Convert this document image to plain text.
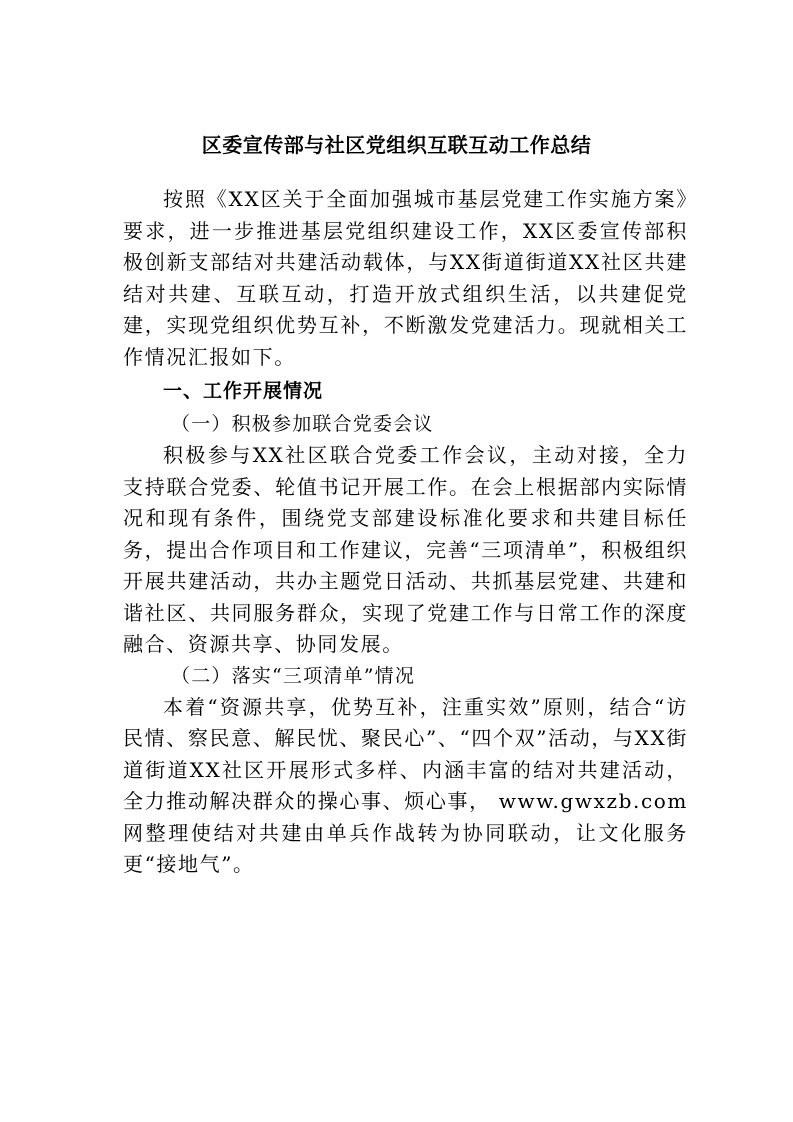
区委宣传部与社区党组织互联互动工作总结

按照《XX区关于全面加强城市基层党建工作实施方案》要求，进一步推进基层党组织建设工作，XX区委宣传部积极创新支部结对共建活动载体，与XX街道街道XX社区共建结对共建、互联互动，打造开放式组织生活，以共建促党建，实现党组织优势互补，不断激发党建活力。现就相关工作情况汇报如下。

一、工作开展情况

（一）积极参加联合党委会议

积极参与XX社区联合党委工作会议，主动对接，全力支持联合党委、轮值书记开展工作。在会上根据部内实际情况和现有条件，围绕党支部建设标准化要求和共建目标任务，提出合作项目和工作建议，完善“三项清单”，积极组织开展共建活动，共办主题党日活动、共抓基层党建、共建和谐社区、共同服务群众，实现了党建工作与日常工作的深度融合、资源共享、协同发展。

（二）落实“三项清单”情况

本着“资源共享，优势互补，注重实效”原则，结合“访民情、察民意、解民忧、聚民心”、“四个双”活动，与XX街道街道XX社区开展形式多样、内涵丰富的结对共建活动，全力推动解决群众的操心事、烦心事， www.gwxzb.com 网整理使结对共建由单兵作战转为协同联动，让文化服务更“接地气”。
